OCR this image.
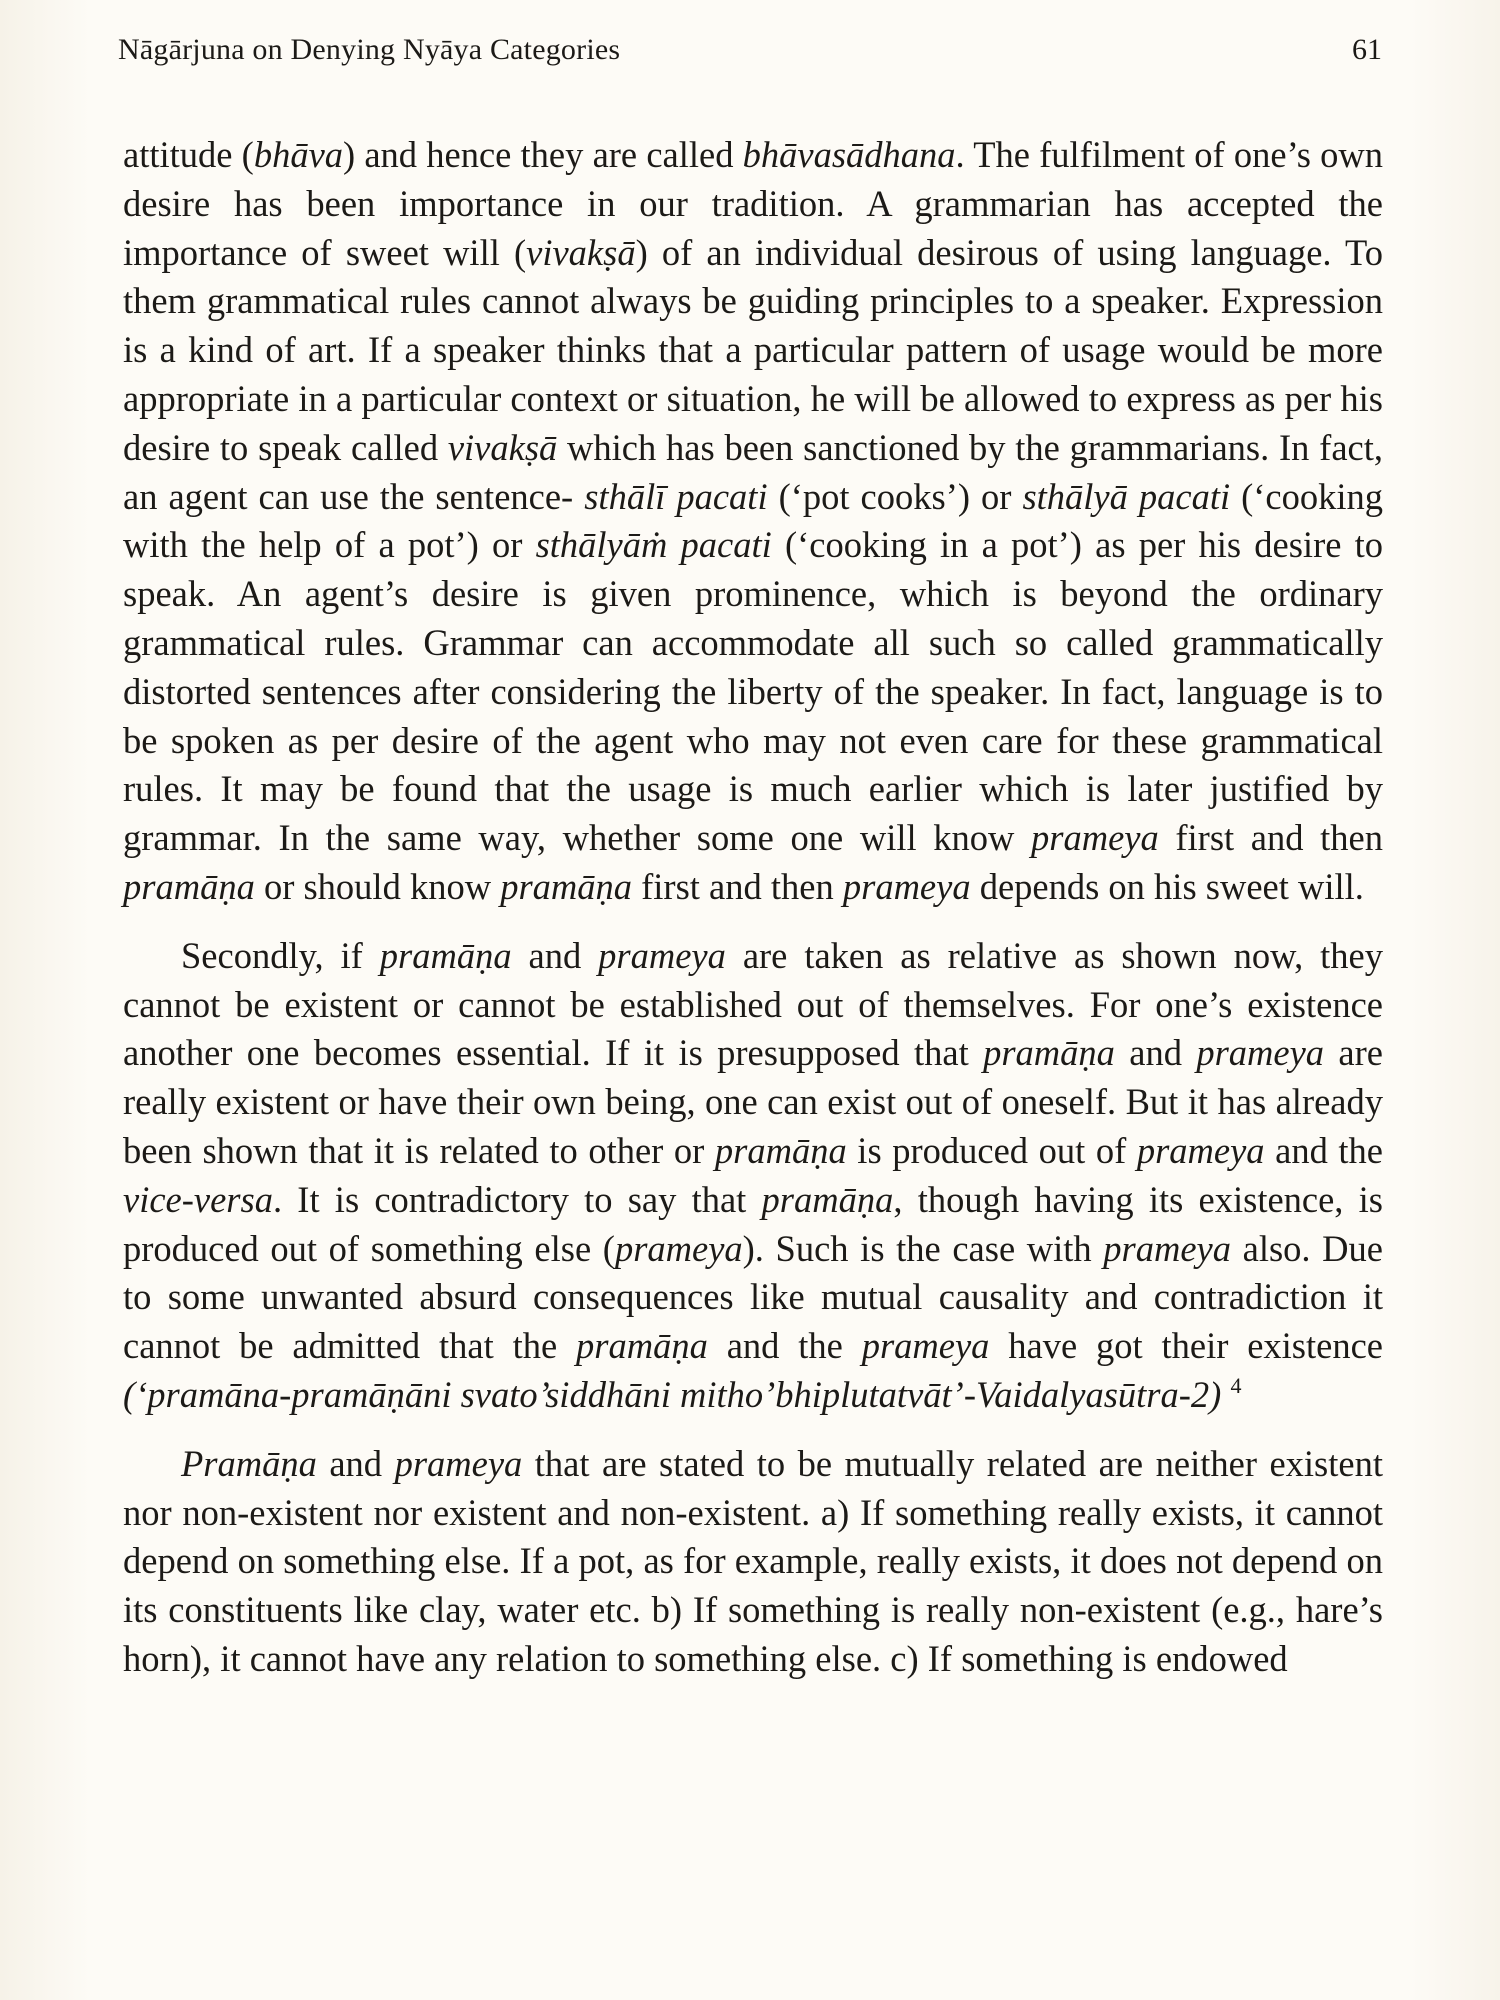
Nāgārjuna on Denying Nyāya Categories	61

attitude (bhāva) and hence they are called bhāvasādhana. The fulfilment of one’s own desire has been importance in our tradition. A grammarian has accepted the importance of sweet will (vivakṣā) of an individual desirous of using language. To them grammatical rules cannot always be guiding principles to a speaker. Expression is a kind of art. If a speaker thinks that a particular pattern of usage would be more appropriate in a particular context or situation, he will be allowed to express as per his desire to speak called vivakṣā which has been sanctioned by the grammarians. In fact, an agent can use the sentence- sthālī pacati (‘pot cooks’) or sthālyā pacati (‘cooking with the help of a pot’) or sthālyāṁ pacati (‘cooking in a pot’) as per his desire to speak. An agent’s desire is given prominence, which is beyond the ordinary grammatical rules. Grammar can accommodate all such so called grammatically distorted sentences after considering the liberty of the speaker. In fact, language is to be spoken as per desire of the agent who may not even care for these grammatical rules. It may be found that the usage is much earlier which is later justified by grammar. In the same way, whether some one will know prameya first and then pramāṇa or should know pramāṇa first and then prameya depends on his sweet will.

Secondly, if pramāṇa and prameya are taken as relative as shown now, they cannot be existent or cannot be established out of themselves. For one’s existence another one becomes essential. If it is presupposed that pramāṇa and prameya are really existent or have their own being, one can exist out of oneself. But it has already been shown that it is related to other or pramāṇa is produced out of prameya and the vice-versa. It is contradictory to say that pramāṇa, though having its existence, is produced out of something else (prameya). Such is the case with prameya also. Due to some unwanted absurd consequences like mutual causality and contradiction it cannot be admitted that the pramāṇa and the prameya have got their existence (‘pramāna-pramāṇāni svato’siddhāni mitho’bhiplutatvāt’-Vaidalyasūtra-2) $^4$

Pramāṇa and prameya that are stated to be mutually related are neither existent nor non-existent nor existent and non-existent. a) If something really exists, it cannot depend on something else. If a pot, as for example, really exists, it does not depend on its constituents like clay, water etc. b) If something is really non-existent (e.g., hare’s horn), it cannot have any relation to something else. c) If something is endowed
